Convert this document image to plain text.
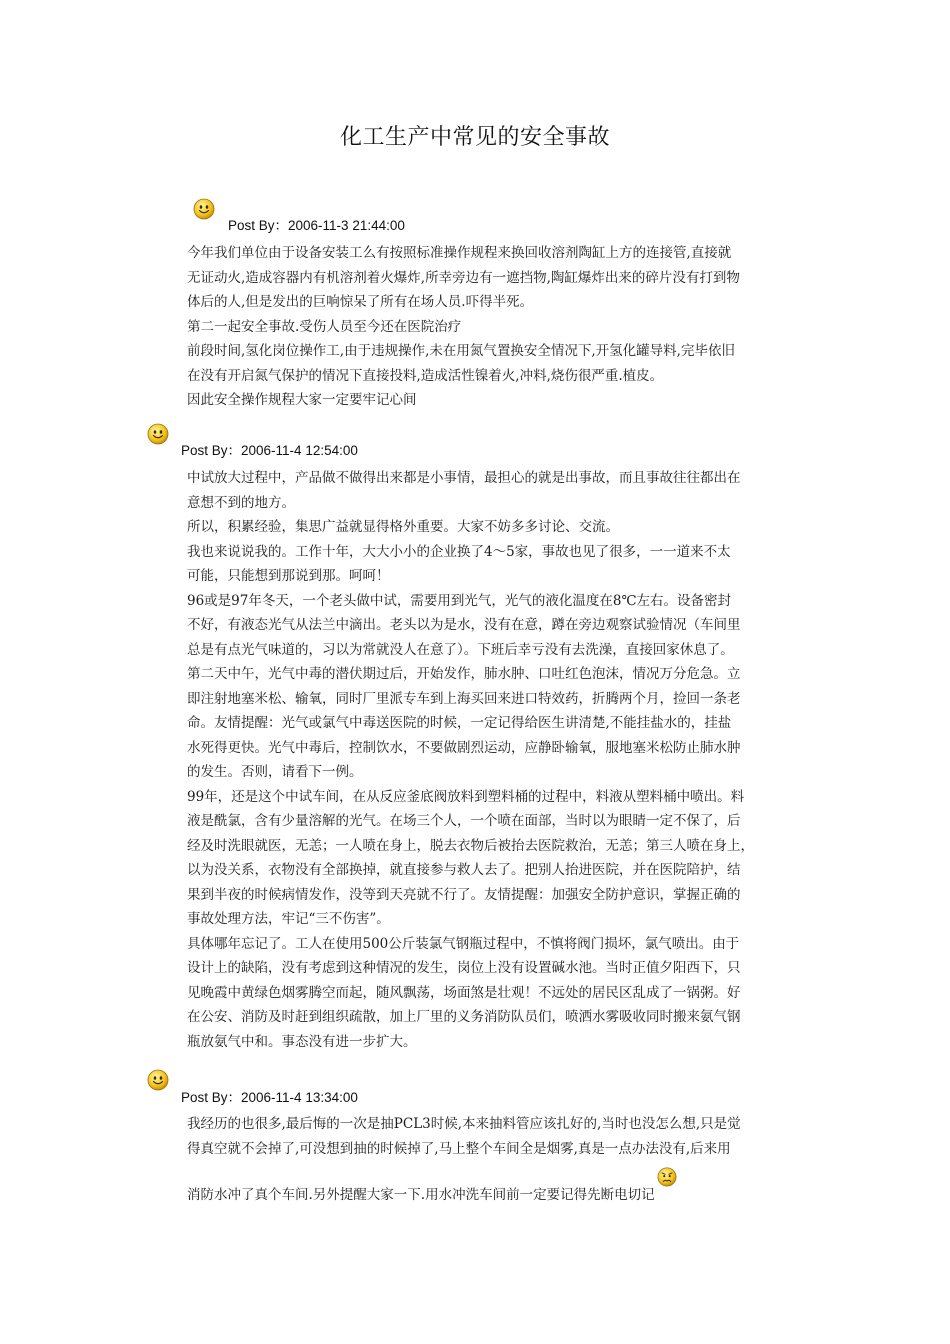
化工生产中常见的安全事故
Post By：2006-11-3 21:44:00
今年我们单位由于设备安装工么有按照标准操作规程来换回收溶剂陶缸上方的连接管,直接就
无证动火,造成容器内有机溶剂着火爆炸,所幸旁边有一遮挡物,陶缸爆炸出来的碎片没有打到物
体后的人,但是发出的巨响惊呆了所有在场人员.吓得半死。
第二一起安全事故.受伤人员至今还在医院治疗
前段时间,氢化岗位操作工,由于违规操作,未在用氮气置换安全情况下,开氢化罐导料,完毕依旧
在没有开启氮气保护的情况下直接投料,造成活性镍着火,冲料,烧伤很严重.植皮。
因此安全操作规程大家一定要牢记心间
Post By：2006-11-4 12:54:00
中试放大过程中，产品做不做得出来都是小事情，最担心的就是出事故，而且事故往往都出在
意想不到的地方。
所以，积累经验，集思广益就显得格外重要。大家不妨多多讨论、交流。
我也来说说我的。工作十年，大大小小的企业换了4～5家，事故也见了很多，一一道来不太
可能，只能想到那说到那。呵呵！
96或是97年冬天，一个老头做中试，需要用到光气，光气的液化温度在8℃左右。设备密封
不好，有液态光气从法兰中滴出。老头以为是水，没有在意，蹲在旁边观察试验情况（车间里
总是有点光气味道的，习以为常就没人在意了）。下班后幸亏没有去洗澡，直接回家休息了。
第二天中午，光气中毒的潜伏期过后，开始发作，肺水肿、口吐红色泡沫，情况万分危急。立
即注射地塞米松、输氧，同时厂里派专车到上海买回来进口特效药，折腾两个月，捡回一条老
命。友情提醒：光气或氯气中毒送医院的时候，一定记得给医生讲清楚,不能挂盐水的，挂盐
水死得更快。光气中毒后，控制饮水，不要做剧烈运动，应静卧输氧，服地塞米松防止肺水肿
的发生。否则，请看下一例。
99年，还是这个中试车间，在从反应釜底阀放料到塑料桶的过程中，料液从塑料桶中喷出。料
液是酰氯，含有少量溶解的光气。在场三个人，一个喷在面部，当时以为眼睛一定不保了，后
经及时洗眼就医，无恙；一人喷在身上，脱去衣物后被抬去医院救治，无恙；第三人喷在身上，
以为没关系，衣物没有全部换掉，就直接参与救人去了。把别人抬进医院，并在医院陪护，结
果到半夜的时候病情发作，没等到天亮就不行了。友情提醒：加强安全防护意识，掌握正确的
事故处理方法，牢记“三不伤害”。
具体哪年忘记了。工人在使用500公斤装氯气钢瓶过程中，不慎将阀门损坏，氯气喷出。由于
设计上的缺陷，没有考虑到这种情况的发生，岗位上没有设置碱水池。当时正值夕阳西下，只
见晚霞中黄绿色烟雾腾空而起，随风飘荡，场面煞是壮观！不远处的居民区乱成了一锅粥。好
在公安、消防及时赶到组织疏散，加上厂里的义务消防队员们，喷洒水雾吸收同时搬来氨气钢
瓶放氨气中和。事态没有进一步扩大。
Post By：2006-11-4 13:34:00
我经历的也很多,最后悔的一次是抽PCL3时候,本来抽料管应该扎好的,当时也没怎么想,只是觉
得真空就不会掉了,可没想到抽的时候掉了,马上整个车间全是烟雾,真是一点办法没有,后来用
消防水冲了真个车间.另外提醒大家一下.用水冲洗车间前一定要记得先断电切记
